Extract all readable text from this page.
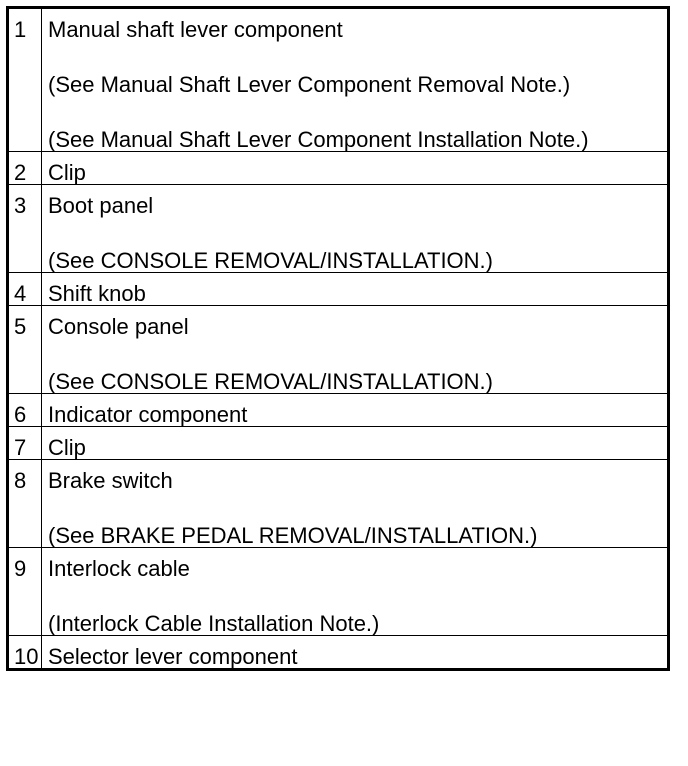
1	Manual shaft lever component
(See Manual Shaft Lever Component Removal Note.)
(See Manual Shaft Lever Component Installation Note.)

2	Clip

3	Boot panel
(See CONSOLE REMOVAL/INSTALLATION.)

4	Shift knob

5	Console panel
(See CONSOLE REMOVAL/INSTALLATION.)

6	Indicator component

7	Clip

8	Brake switch
(See BRAKE PEDAL REMOVAL/INSTALLATION.)

9	Interlock cable
(Interlock Cable Installation Note.)

10	Selector lever component
